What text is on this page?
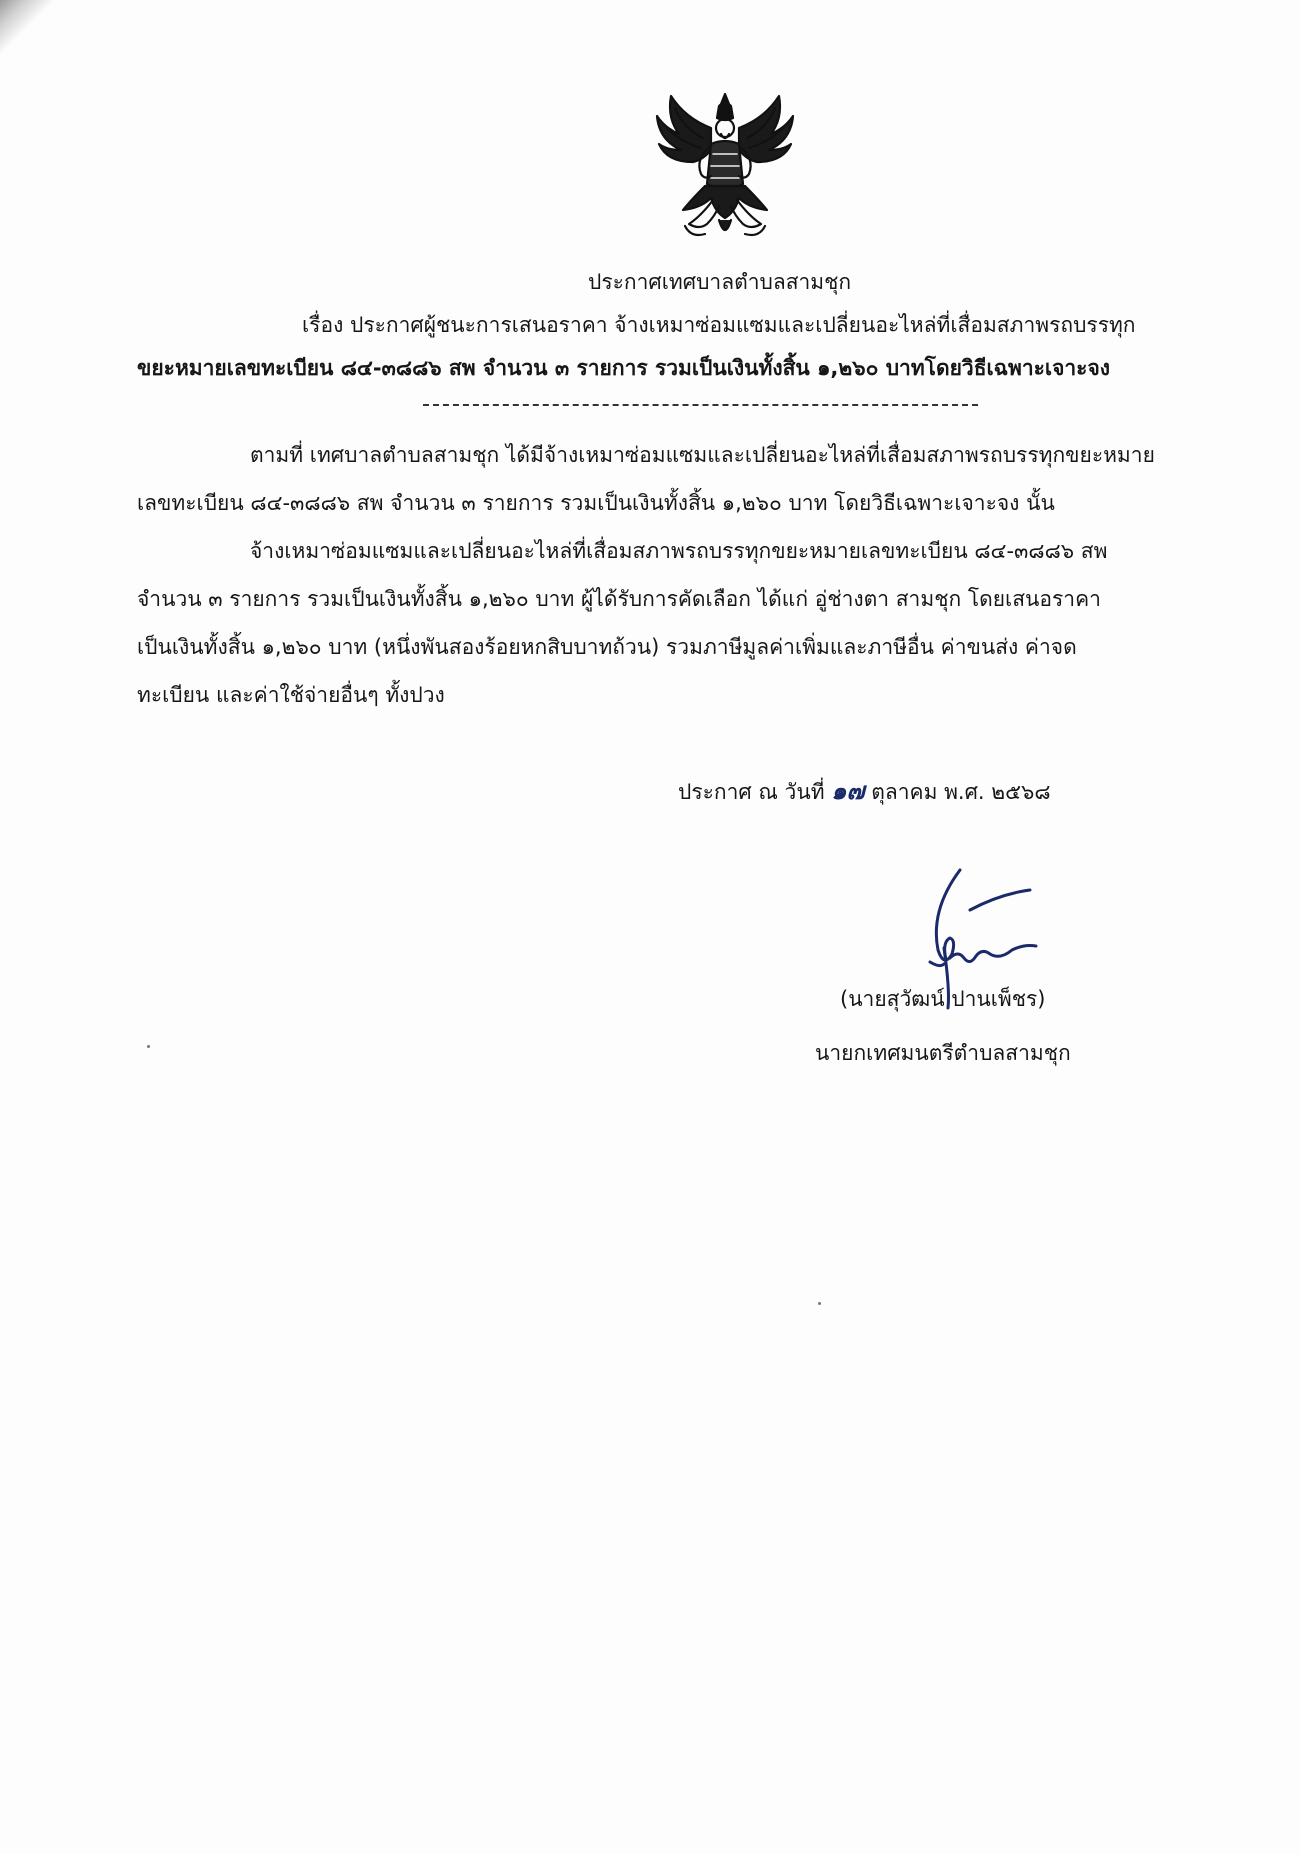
ประกาศเทศบาลตำบลสามชุก
เรื่อง ประกาศผู้ชนะการเสนอราคา จ้างเหมาซ่อมแซมและเปลี่ยนอะไหล่ที่เสื่อมสภาพรถบรรทุก
ขยะหมายเลขทะเบียน ๘๔-๓๘๘๖ สพ จำนวน ๓ รายการ รวมเป็นเงินทั้งสิ้น ๑,๒๖๐ บาทโดยวิธีเฉพาะเจาะจง
ตามที่ เทศบาลตำบลสามชุก ได้มีจ้างเหมาซ่อมแซมและเปลี่ยนอะไหล่ที่เสื่อมสภาพรถบรรทุกขยะหมาย
เลขทะเบียน ๘๔-๓๘๘๖ สพ จำนวน ๓ รายการ รวมเป็นเงินทั้งสิ้น ๑,๒๖๐ บาท โดยวิธีเฉพาะเจาะจง นั้น
จ้างเหมาซ่อมแซมและเปลี่ยนอะไหล่ที่เสื่อมสภาพรถบรรทุกขยะหมายเลขทะเบียน ๘๔-๓๘๘๖ สพ
จำนวน ๓ รายการ รวมเป็นเงินทั้งสิ้น ๑,๒๖๐ บาท ผู้ได้รับการคัดเลือก ได้แก่ อู่ช่างตา สามชุก โดยเสนอราคา
เป็นเงินทั้งสิ้น ๑,๒๖๐ บาท (หนึ่งพันสองร้อยหกสิบบาทถ้วน) รวมภาษีมูลค่าเพิ่มและภาษีอื่น ค่าขนส่ง ค่าจด
ทะเบียน และค่าใช้จ่ายอื่นๆ ทั้งปวง
ประกาศ ณ วันที่ ๑๗ ตุลาคม พ.ศ. ๒๕๖๘
(นายสุวัฒน์ ปานเพ็ชร)
นายกเทศมนตรีตำบลสามชุก
